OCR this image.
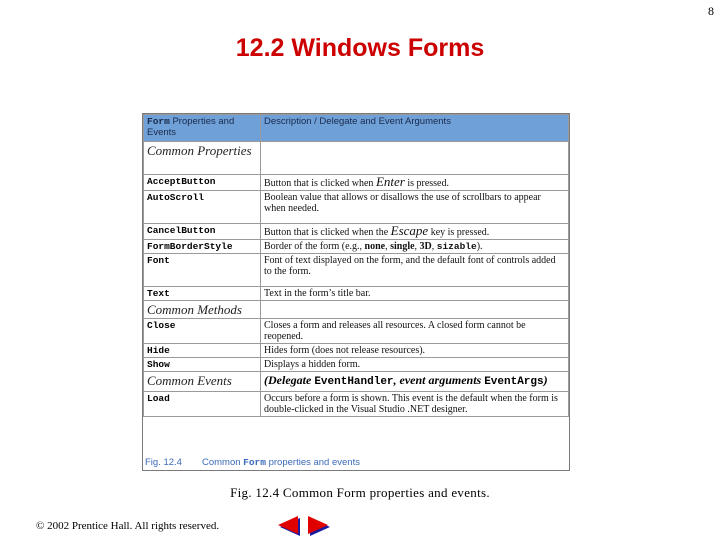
8
12.2 Windows Forms
Form Properties and Events	Description / Delegate and Event Arguments
Common Properties	
AcceptButton	Button that is clicked when Enter is pressed.
AutoScroll	Boolean value that allows or disallows the use of scrollbars to appear when needed.
CancelButton	Button that is clicked when the Escape key is pressed.
FormBorderStyle	Border of the form (e.g., none, single, 3D, sizable).
Font	Font of text displayed on the form, and the default font of controls added to the form.
Text	Text in the form’s title bar.
Common Methods	
Close	Closes a form and releases all resources. A closed form cannot be reopened.
Hide	Hides form (does not release resources).
Show	Displays a hidden form.
Common Events	(Delegate EventHandler, event arguments EventArgs)
Load	Occurs before a form is shown. This event is the default when the form is double-clicked in the Visual Studio .NET designer.
Fig. 12.4 Common Form properties and events
Fig. 12.4 Common Form properties and events.
© 2002 Prentice Hall. All rights reserved.
